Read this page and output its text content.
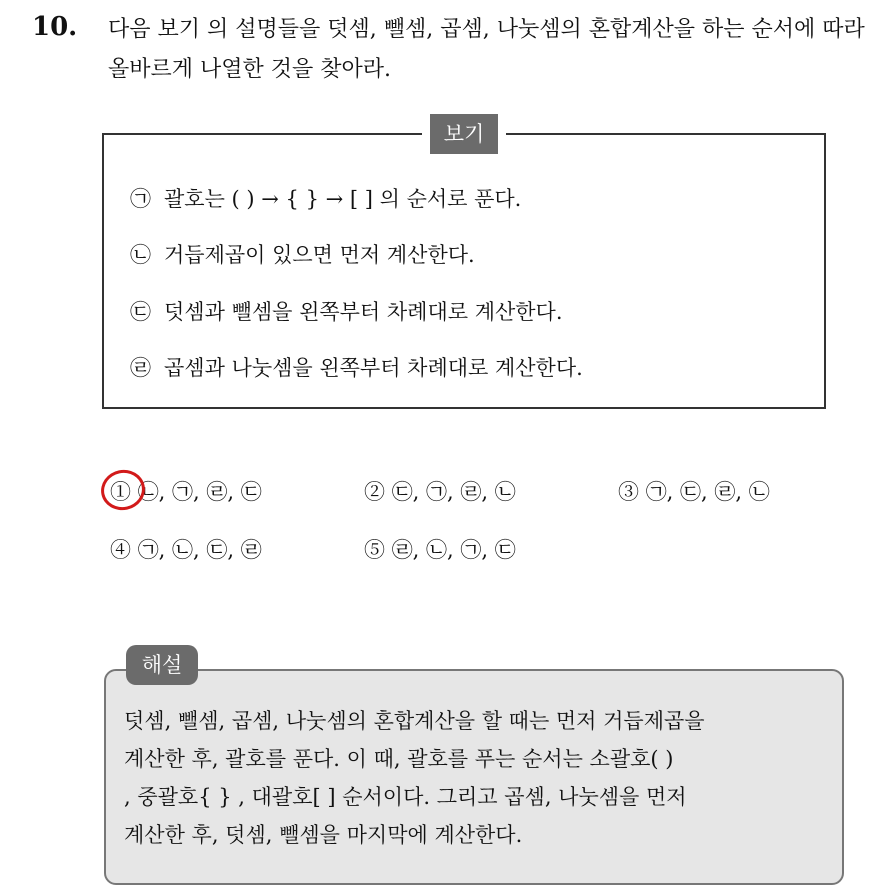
10. 다음 보기 의 설명들을 덧셈, 뺄셈, 곱셈, 나눗셈의 혼합계산을 하는 순서에 따라 올바르게 나열한 것을 찾아라.
보기
㉠ 괄호는 ( ) → { } → [ ] 의 순서로 푼다.
㉡ 거듭제곱이 있으면 먼저 계산한다.
㉢ 덧셈과 뺄셈을 왼쪽부터 차례대로 계산한다.
㉣ 곱셈과 나눗셈을 왼쪽부터 차례대로 계산한다.
① ㉡, ㉠, ㉣, ㉢	② ㉢, ㉠, ㉣, ㉡	③ ㉠, ㉢, ㉣, ㉡
④ ㉠, ㉡, ㉢, ㉣	⑤ ㉣, ㉡, ㉠, ㉢
해설
덧셈, 뺄셈, 곱셈, 나눗셈의 혼합계산을 할 때는 먼저 거듭제곱을
계산한 후, 괄호를 푼다. 이 때, 괄호를 푸는 순서는 소괄호( )
, 중괄호{ } , 대괄호[ ] 순서이다. 그리고 곱셈, 나눗셈을 먼저
계산한 후, 덧셈, 뺄셈을 마지막에 계산한다.
